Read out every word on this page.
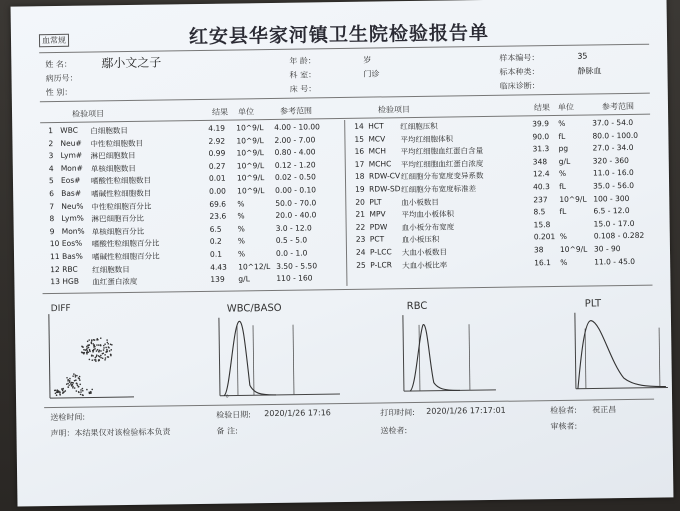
血常规	红安县华家河镇卫生院检验报告单
姓 名： 鄢小文之子
病历号：
性 别：
年 龄：	岁
科 室：	门诊
床 号：
样本编号：	35
标本种类：	静脉血
临床诊断：
检验项目	结果 单位	参考范围	检验项目	结果 单位	参考范围
1 WBC 白细胞数目	4.19 10^9/L 4.00 - 10.00
2 Neu# 中性粒细胞数目	2.92 10^9/L 2.00 - 7.00
3 Lym# 淋巴细胞数目	0.99 10^9/L 0.80 - 4.00
4 Mon# 单核细胞数目	0.27 10^9/L 0.12 - 1.20
5 Eos# 嗜酸性粒细胞数目	0.01 10^9/L 0.02 - 0.50
6 Bas# 嗜碱性粒细胞数目	0.00 10^9/L 0.00 - 0.10
7 Neu% 中性粒细胞百分比	69.6 %	50.0 - 70.0
8 Lym% 淋巴细胞百分比	23.6 %	20.0 - 40.0
9 Mon% 单核细胞百分比	6.5 %	3.0 - 12.0
10 Eos% 嗜酸性粒细胞百分比	0.2 %	0.5 - 5.0
11 Bas% 嗜碱性粒细胞百分比	0.1 %	0.0 - 1.0
12 RBC 红细胞数目	4.43 10^12/L 3.50 - 5.50
13 HGB 血红蛋白浓度	139 g/L	110 - 160
14 HCT 红细胞压积	39.9 %	37.0 - 54.0
15 MCV 平均红细胞体积	90.0 fL	80.0 - 100.0
16 MCH 平均红细胞血红蛋白含量	31.3 pg	27.0 - 34.0
17 MCHC 平均红细胞血红蛋白浓度	348 g/L	320 - 360
18 RDW-CV 红细胞分布宽度变异系数	12.4 %	11.0 - 16.0
19 RDW-SD 红细胞分布宽度标准差	40.3 fL	35.0 - 56.0
20 PLT	血小板数目	237 10^9/L 100 - 300
21 MPV 平均血小板体积	8.5 fL	6.5 - 12.0
22 PDW 血小板分布宽度	15.8	15.0 - 17.0
23 PCT 血小板压积	0.201 %	0.108 - 0.282
24 P-LCC 大血小板数目	38 10^9/L 30 - 90
25 P-LCR 大血小板比率	16.1 %	11.0 - 45.0
DIFF	WBC/BASO	RBC	PLT
0
送检时间:	检验日期: 2020/1/26 17:16	打印时间: 2020/1/26 17:17:01	检验者: 祝正昌
声明：本结果仅对该检验标本负责	备 注:	送检者:	审核者:
